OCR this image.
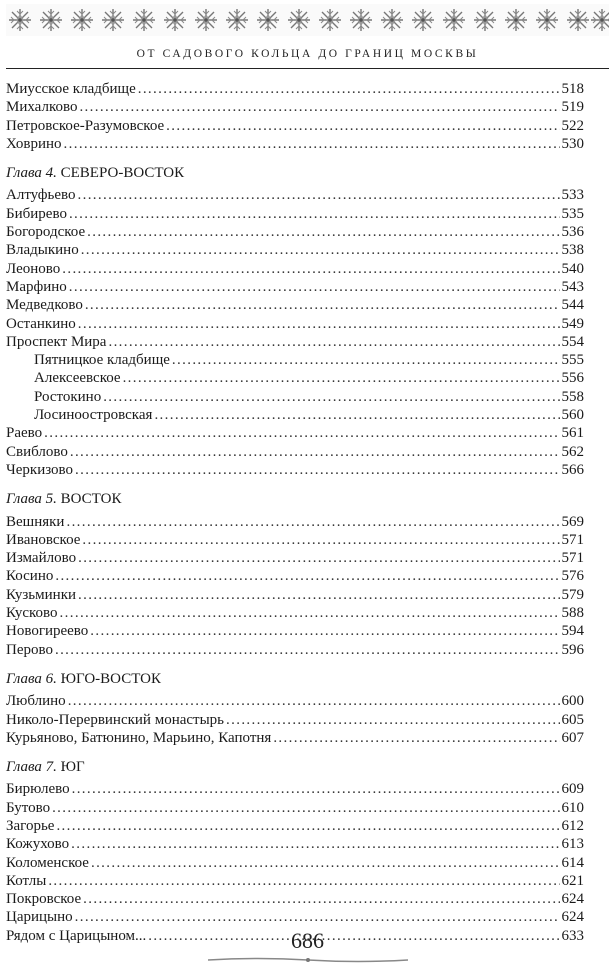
ОТ САДОВОГО КОЛЬЦА ДО ГРАНИЦ МОСКВЫ
Миусское кладбище . . .	518
Михалково . . .	519
Петровское-Разумовское . . .	522
Ховрино . . .	530
Глава 4. СЕВЕРО-ВОСТОК
Алтуфьево . . .	533
Бибирево . . .	535
Богородское . . .	536
Владыкино . . .	538
Леоново . . .	540
Марфино . . .	543
Медведково . . .	544
Останкино . . .	549
Проспект Мира . . .	554
Пятницкое кладбище . . .	555
Алексеевское . . .	556
Ростокино . . .	558
Лосиноостровская . . .	560
Раево . . .	561
Свиблово . . .	562
Черкизово . . .	566
Глава 5. ВОСТОК
Вешняки . . .	569
Ивановское . . .	571
Измайлово . . .	571
Косино . . .	576
Кузьминки . . .	579
Кусково . . .	588
Новогиреево . . .	594
Перово . . .	596
Глава 6. ЮГО-ВОСТОК
Люблино . . .	600
Николо-Перервинский монастырь . . .	605
Курьяново, Батюнино, Марьино, Капотня . . .	607
Глава 7. ЮГ
Бирюлево . . .	609
Бутово . . .	610
Загорье . . .	612
Кожухово . . .	613
Коломенское . . .	614
Котлы . . .	621
Покровское . . .	624
Царицыно . . .	624
Рядом с Царицыном... . . .	633
686
